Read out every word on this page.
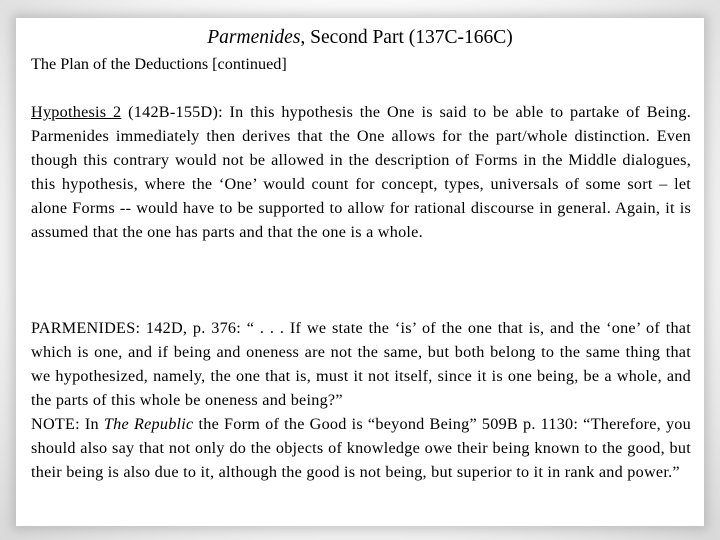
Parmenides, Second Part (137C-166C)
The Plan of the Deductions [continued]

Hypothesis 2 (142B-155D): In this hypothesis the One is said to be able to partake of Being. Parmenides immediately then derives that the One allows for the part/whole distinction. Even though this contrary would not be allowed in the description of Forms in the Middle dialogues, this hypothesis, where the ‘One’ would count for concept, types, universals of some sort – let alone Forms -- would have to be supported to allow for rational discourse in general. Again, it is assumed that the one has parts and that the one is a whole.

PARMENIDES: 142D, p. 376: “ . . . If we state the ‘is’ of the one that is, and the ‘one’ of that which is one, and if being and oneness are not the same, but both belong to the same thing that we hypothesized, namely, the one that is, must it not itself, since it is one being, be a whole, and the parts of this whole be oneness and being?”
NOTE: In The Republic the Form of the Good is “beyond Being” 509B p. 1130: “Therefore, you should also say that not only do the objects of knowledge owe their being known to the good, but their being is also due to it, although the good is not being, but superior to it in rank and power.”
